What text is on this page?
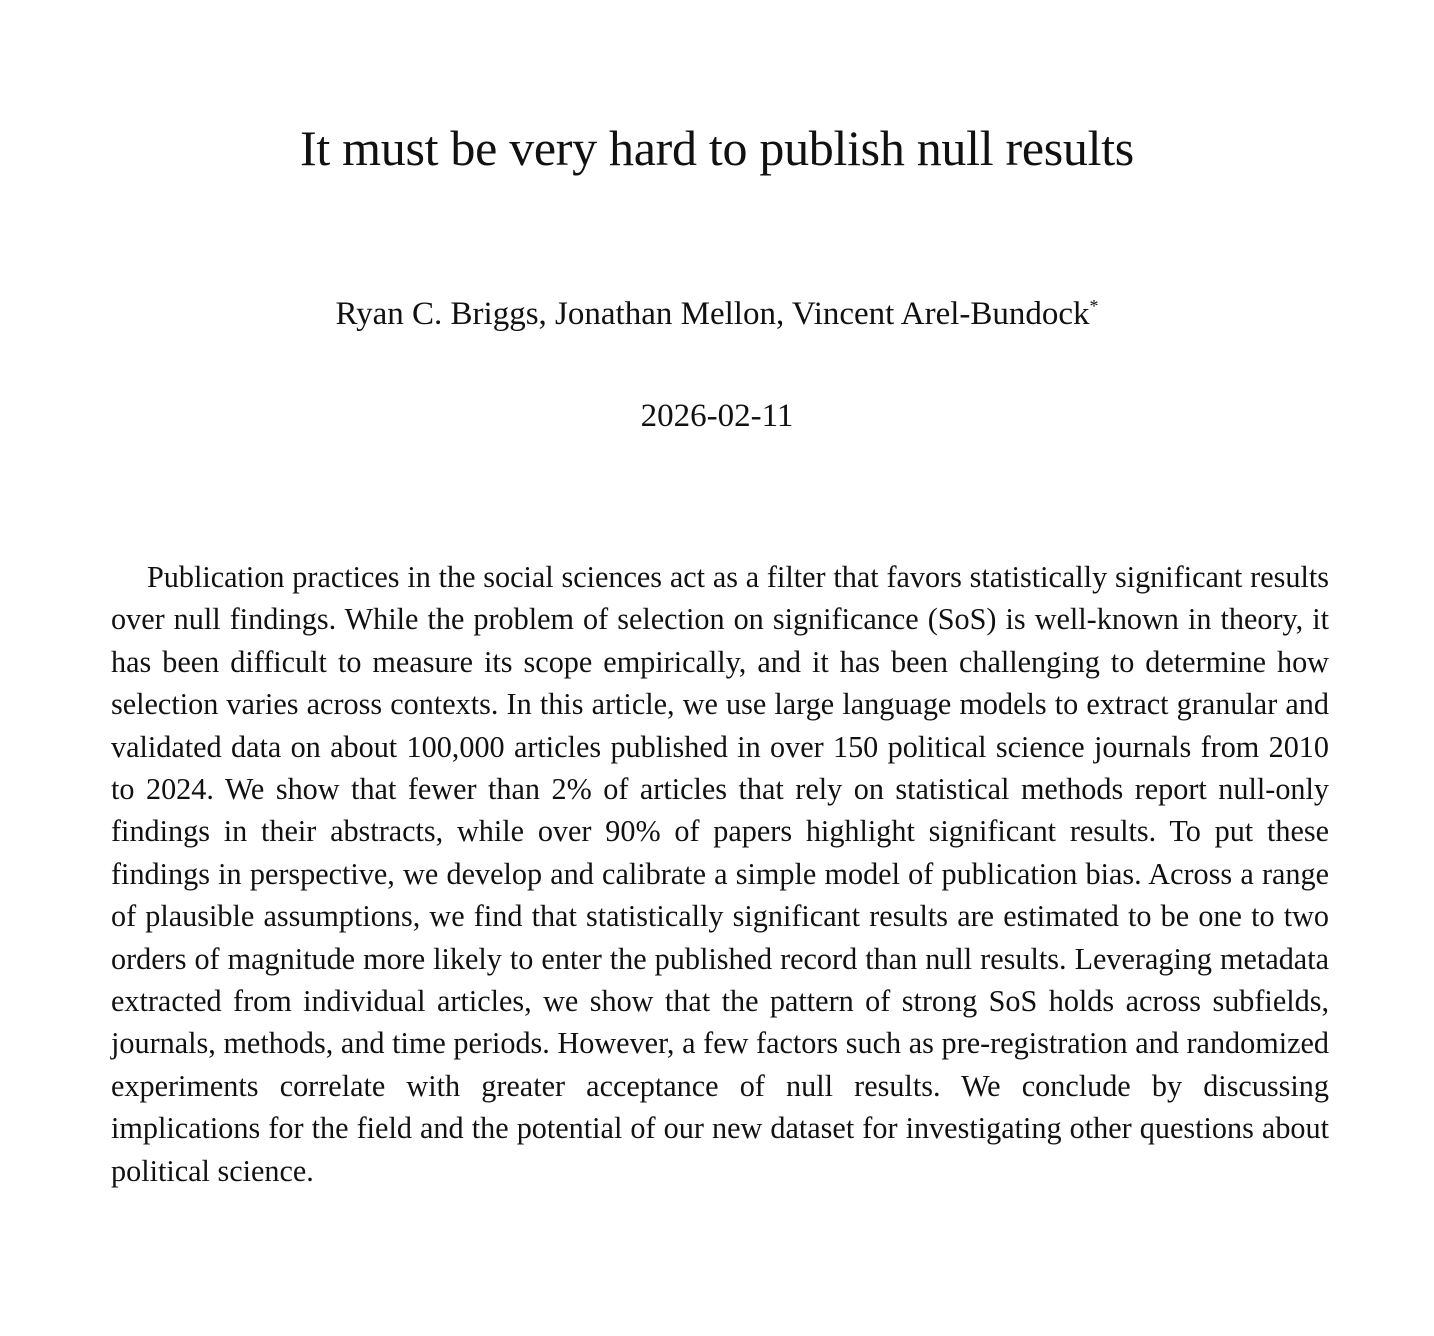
It must be very hard to publish null results

Ryan C. Briggs, Jonathan Mellon, Vincent Arel-Bundock*

2026-02-11

Publication practices in the social sciences act as a filter that favors statistically significant results over null findings. While the problem of selection on significance (SoS) is well-known in theory, it has been difficult to measure its scope empirically, and it has been challenging to determine how selection varies across contexts. In this article, we use large language models to extract granular and validated data on about 100,000 articles published in over 150 political science journals from 2010 to 2024. We show that fewer than 2% of articles that rely on statistical methods report null-only findings in their abstracts, while over 90% of papers highlight significant results. To put these findings in perspective, we develop and calibrate a simple model of publication bias. Across a range of plausible assumptions, we find that statistically significant results are estimated to be one to two orders of magnitude more likely to enter the published record than null results. Leveraging metadata extracted from individual articles, we show that the pattern of strong SoS holds across subfields, journals, methods, and time periods. However, a few factors such as pre-registration and randomized experiments correlate with greater acceptance of null results. We conclude by discussing implications for the field and the potential of our new dataset for investigating other questions about political science.
